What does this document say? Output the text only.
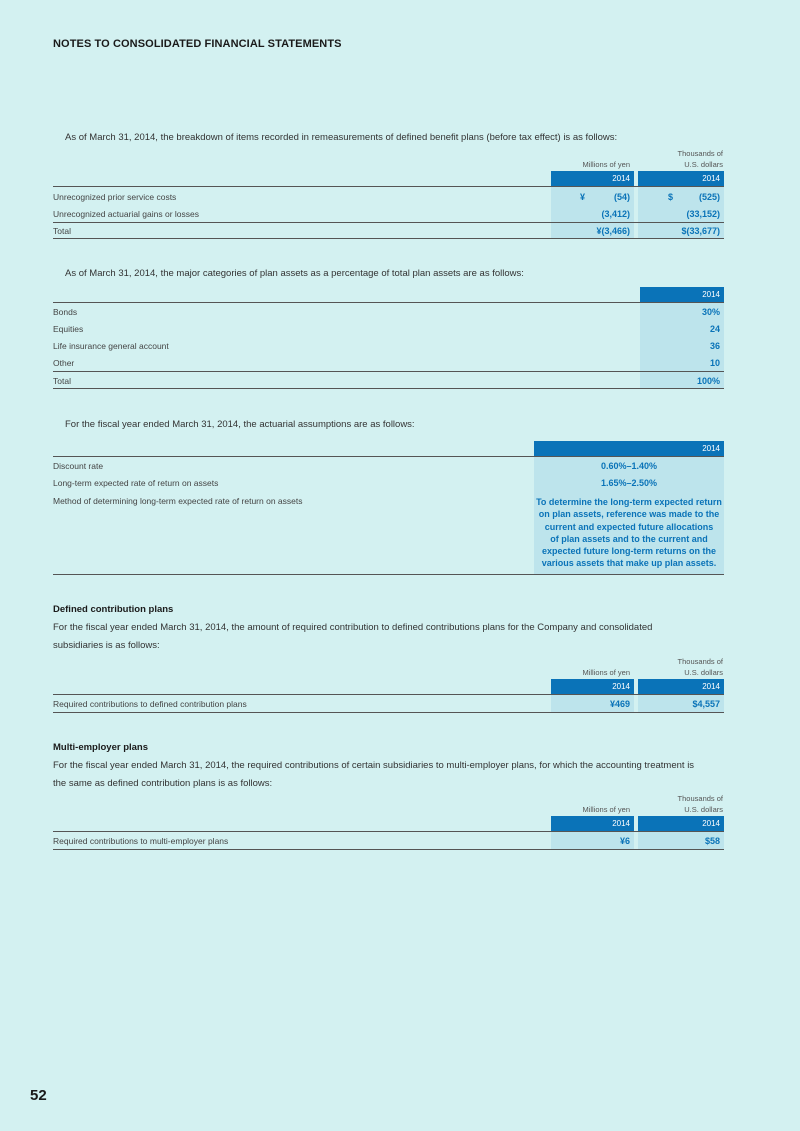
NOTES TO CONSOLIDATED FINANCIAL STATEMENTS
As of March 31, 2014, the breakdown of items recorded in remeasurements of defined benefit plans (before tax effect) is as follows:

Millions of yen
Thousands of
U.S. dollars
2014	2014
Unrecognized prior service costs	¥	(54)	$	(525)
Unrecognized actuarial gains or losses	(3,412)	(33,152)
Total	¥(3,466)	$(33,677)
As of March 31, 2014, the major categories of plan assets as a percentage of total plan assets are as follows:
2014
Bonds	30%
Equities	24
Life insurance general account	36
Other	10
Total	100%
For the fiscal year ended March 31, 2014, the actuarial assumptions are as follows:
2014
Discount rate	0.60%–1.40%
Long-term expected rate of return on assets	1.65%–2.50%
Method of determining long-term expected rate of return on assets	To determine the long-term expected return
on plan assets, reference was made to the
current and expected future allocations
of plan assets and to the current and
expected future long-term returns on the
various assets that make up plan assets.
Defined contribution plans
For the fiscal year ended March 31, 2014, the amount of required contribution to defined contributions plans for the Company and consolidated
subsidiaries is as follows:

Millions of yen
Thousands of
U.S. dollars
2014	2014
Required contributions to defined contribution plans	¥469	$4,557
Multi-employer plans
For the fiscal year ended March 31, 2014, the required contributions of certain subsidiaries to multi-employer plans, for which the accounting treatment is
the same as defined contribution plans is as follows:

Millions of yen
Thousands of
U.S. dollars
2014	2014
Required contributions to multi-employer plans	¥6	$58
52
